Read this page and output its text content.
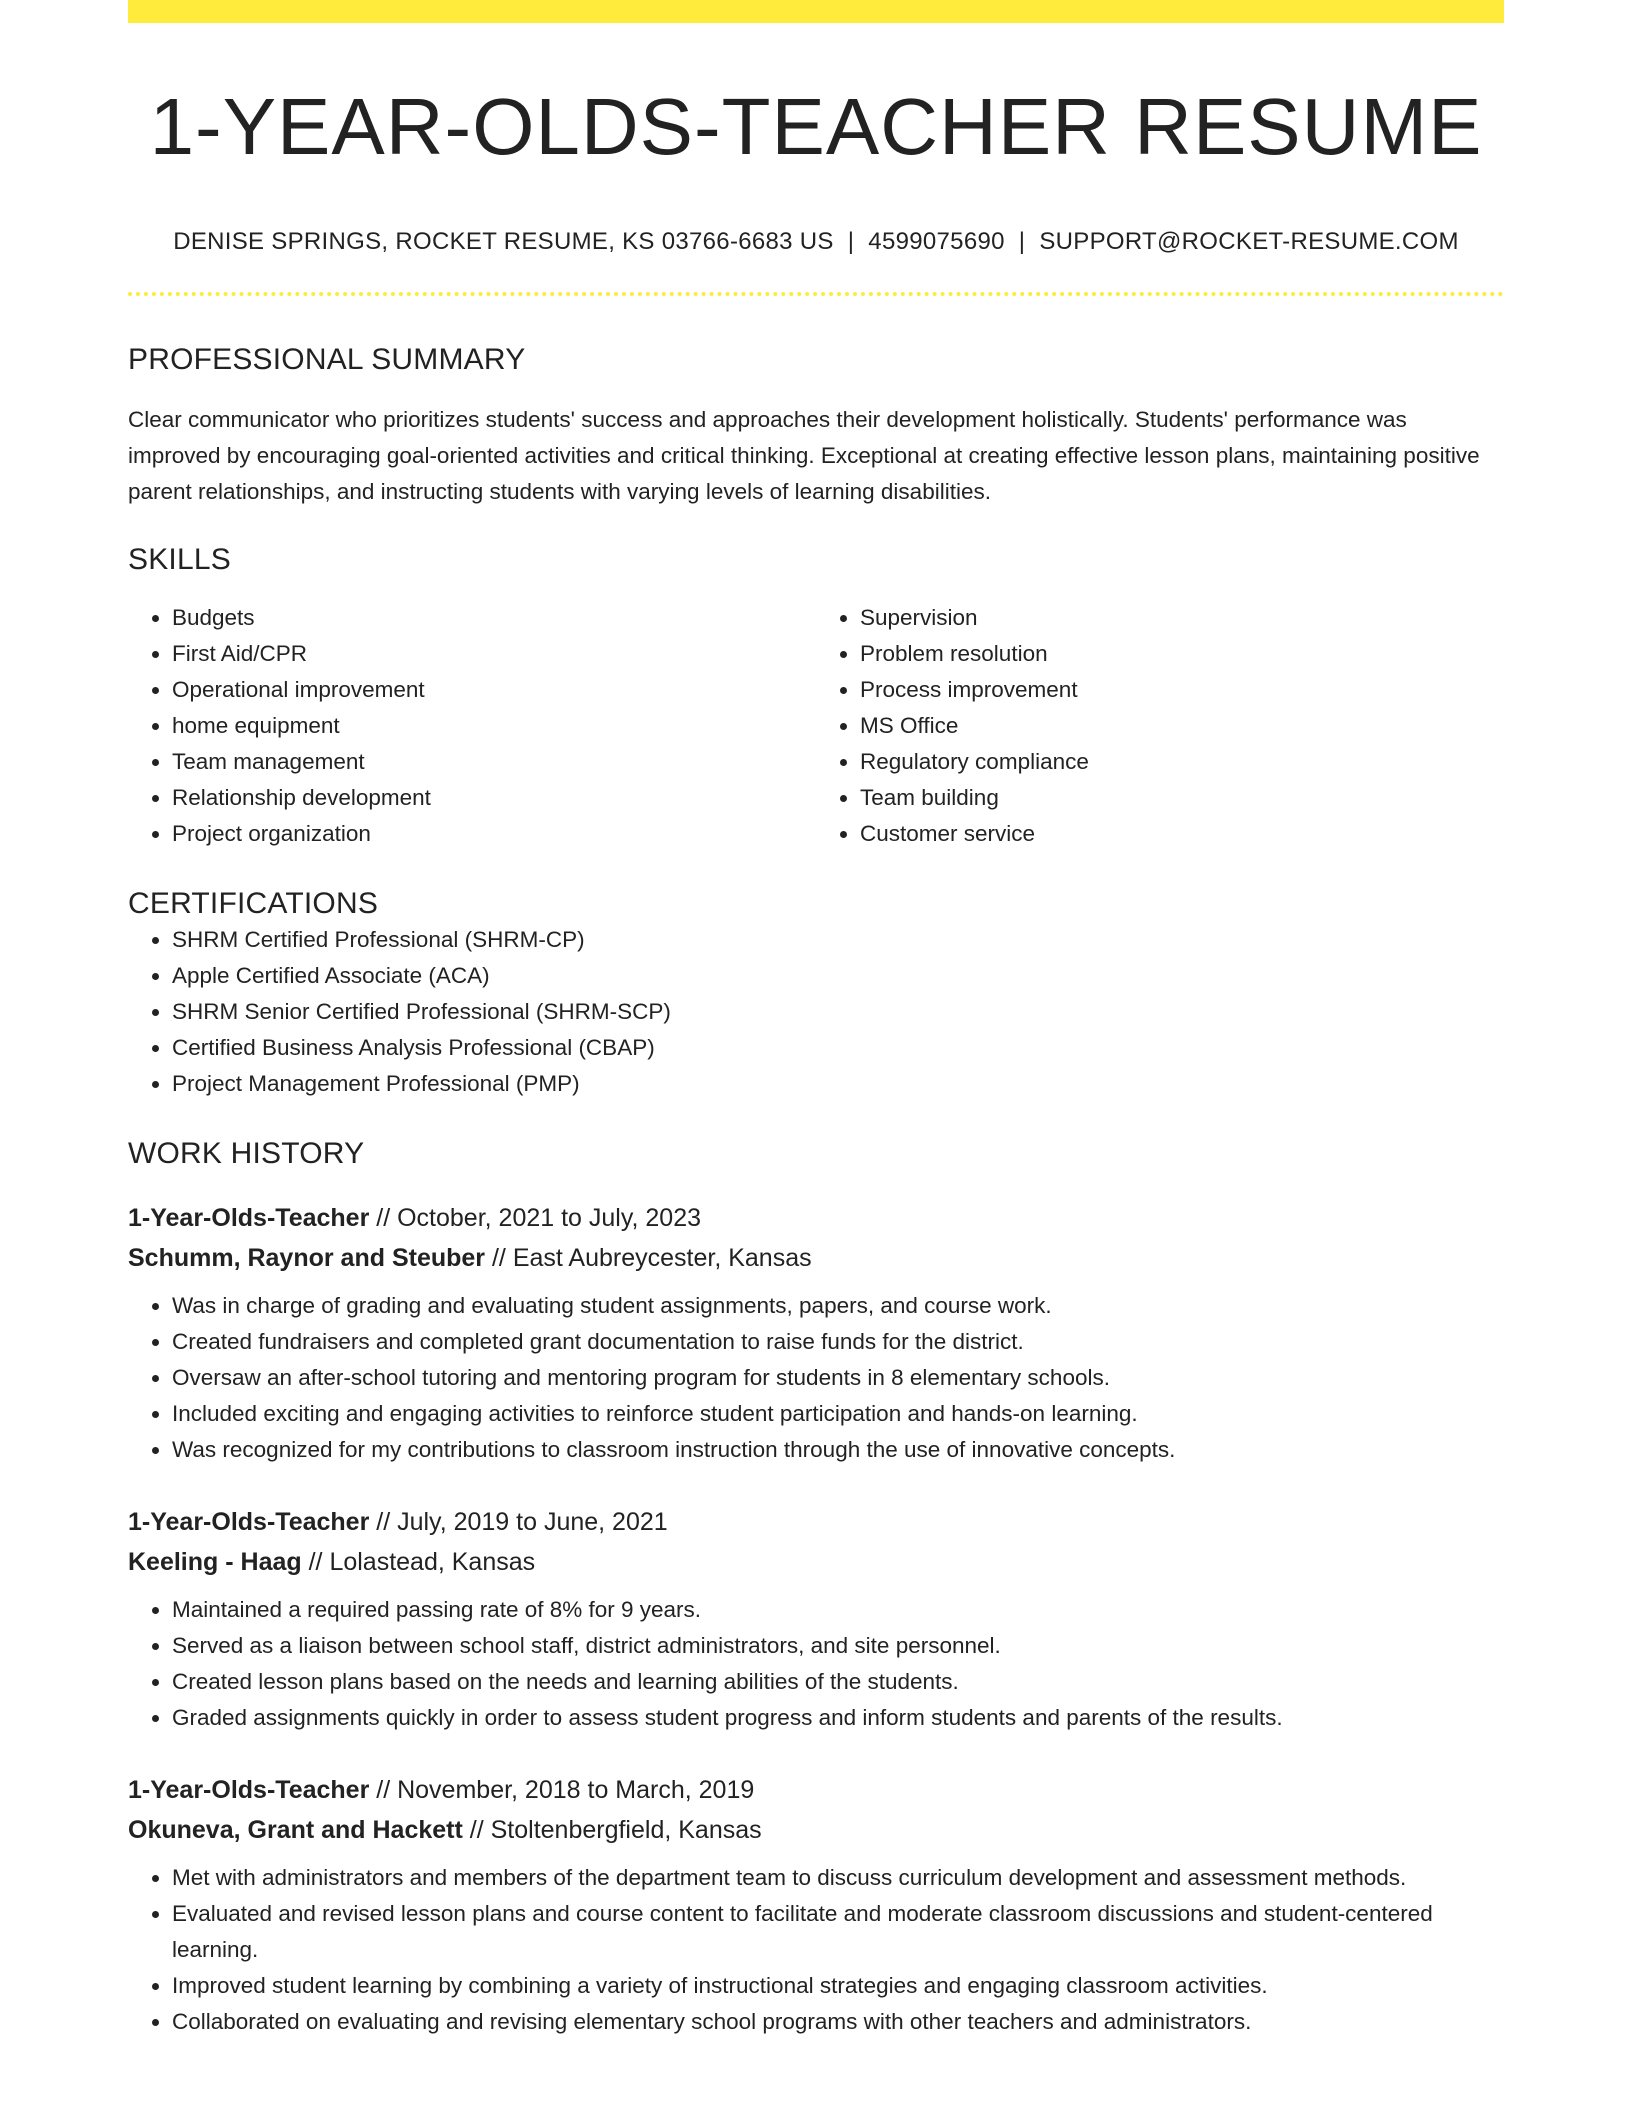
1-YEAR-OLDS-TEACHER RESUME
DENISE SPRINGS, ROCKET RESUME, KS 03766-6683 US | 4599075690 | SUPPORT@ROCKET-RESUME.COM
PROFESSIONAL SUMMARY

Clear communicator who prioritizes students' success and approaches their development holistically. Students' performance was improved by encouraging goal-oriented activities and critical thinking. Exceptional at creating effective lesson plans, maintaining positive parent relationships, and instructing students with varying levels of learning disabilities.

SKILLS
• Budgets
• First Aid/CPR
• Operational improvement
• home equipment
• Team management
• Relationship development
• Project organization
• Supervision
• Problem resolution
• Process improvement
• MS Office
• Regulatory compliance
• Team building
• Customer service
CERTIFICATIONS
• SHRM Certified Professional (SHRM-CP)
• Apple Certified Associate (ACA)
• SHRM Senior Certified Professional (SHRM-SCP)
• Certified Business Analysis Professional (CBAP)
• Project Management Professional (PMP)
WORK HISTORY
1-Year-Olds-Teacher // October, 2021 to July, 2023
Schumm, Raynor and Steuber // East Aubreycester, Kansas
• Was in charge of grading and evaluating student assignments, papers, and course work.
• Created fundraisers and completed grant documentation to raise funds for the district.
• Oversaw an after-school tutoring and mentoring program for students in 8 elementary schools.
• Included exciting and engaging activities to reinforce student participation and hands-on learning.
• Was recognized for my contributions to classroom instruction through the use of innovative concepts.
1-Year-Olds-Teacher // July, 2019 to June, 2021
Keeling - Haag // Lolastead, Kansas
• Maintained a required passing rate of 8% for 9 years.
• Served as a liaison between school staff, district administrators, and site personnel.
• Created lesson plans based on the needs and learning abilities of the students.
• Graded assignments quickly in order to assess student progress and inform students and parents of the results.
1-Year-Olds-Teacher // November, 2018 to March, 2019
Okuneva, Grant and Hackett // Stoltenbergfield, Kansas
• Met with administrators and members of the department team to discuss curriculum development and assessment methods.
• Evaluated and revised lesson plans and course content to facilitate and moderate classroom discussions and student-centered learning.
• Improved student learning by combining a variety of instructional strategies and engaging classroom activities.
• Collaborated on evaluating and revising elementary school programs with other teachers and administrators.
